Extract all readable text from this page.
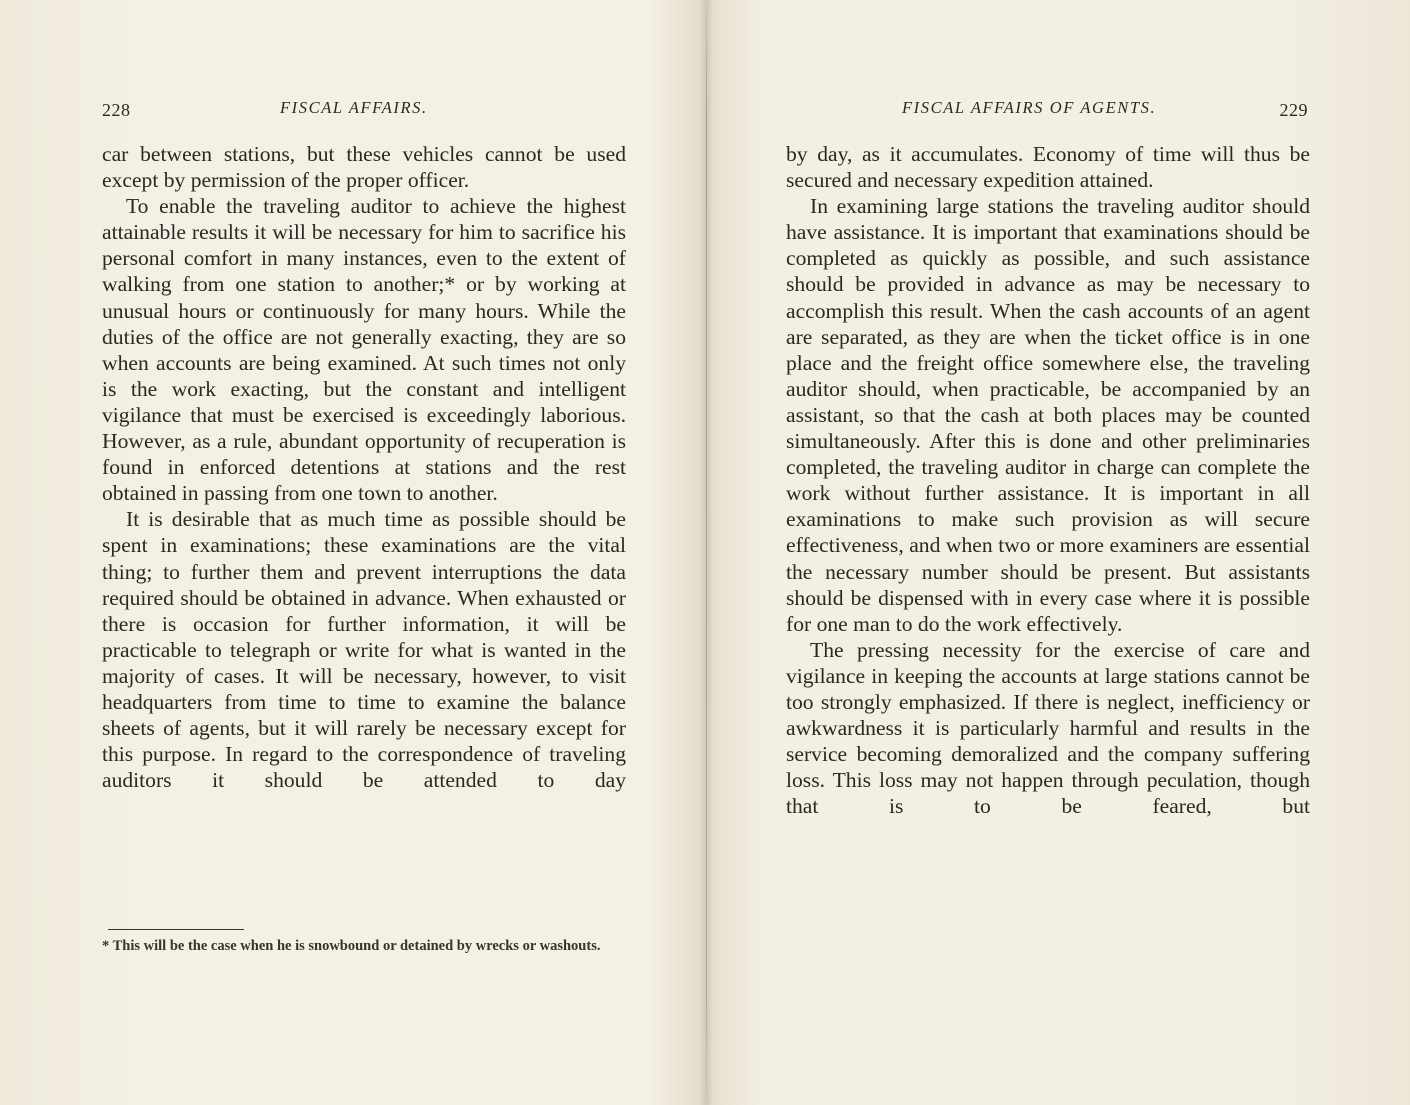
228	FISCAL AFFAIRS.

car between stations, but these vehicles cannot be used except by permission of the proper officer.

To enable the traveling auditor to achieve the highest attainable results it will be necessary for him to sacrifice his personal comfort in many instances, even to the extent of walking from one station to another;* or by working at unusual hours or continuously for many hours. While the duties of the office are not generally exacting, they are so when accounts are being examined. At such times not only is the work exacting, but the constant and intelligent vigilance that must be exercised is exceedingly laborious. However, as a rule, abundant opportunity of recuperation is found in enforced detentions at stations and the rest obtained in passing from one town to another.

It is desirable that as much time as possible should be spent in examinations; these examinations are the vital thing; to further them and prevent interruptions the data required should be obtained in advance. When exhausted or there is occasion for further information, it will be practicable to telegraph or write for what is wanted in the majority of cases. It will be necessary, however, to visit headquarters from time to time to examine the balance sheets of agents, but it will rarely be necessary except for this purpose. In regard to the correspondence of traveling auditors it should be attended to day

* This will be the case when he is snowbound or detained by wrecks or washouts.

FISCAL AFFAIRS OF AGENTS.	229

by day, as it accumulates. Economy of time will thus be secured and necessary expedition attained.

In examining large stations the traveling auditor should have assistance. It is important that examinations should be completed as quickly as possible, and such assistance should be provided in advance as may be necessary to accomplish this result. When the cash accounts of an agent are separated, as they are when the ticket office is in one place and the freight office somewhere else, the traveling auditor should, when practicable, be accompanied by an assistant, so that the cash at both places may be counted simultaneously. After this is done and other preliminaries completed, the traveling auditor in charge can complete the work without further assistance. It is important in all examinations to make such provision as will secure effectiveness, and when two or more examiners are essential the necessary number should be present. But assistants should be dispensed with in every case where it is possible for one man to do the work effectively.

The pressing necessity for the exercise of care and vigilance in keeping the accounts at large stations cannot be too strongly emphasized. If there is neglect, inefficiency or awkwardness it is particularly harmful and results in the service becoming demoralized and the company suffering loss. This loss may not happen through peculation, though that is to be feared, but
